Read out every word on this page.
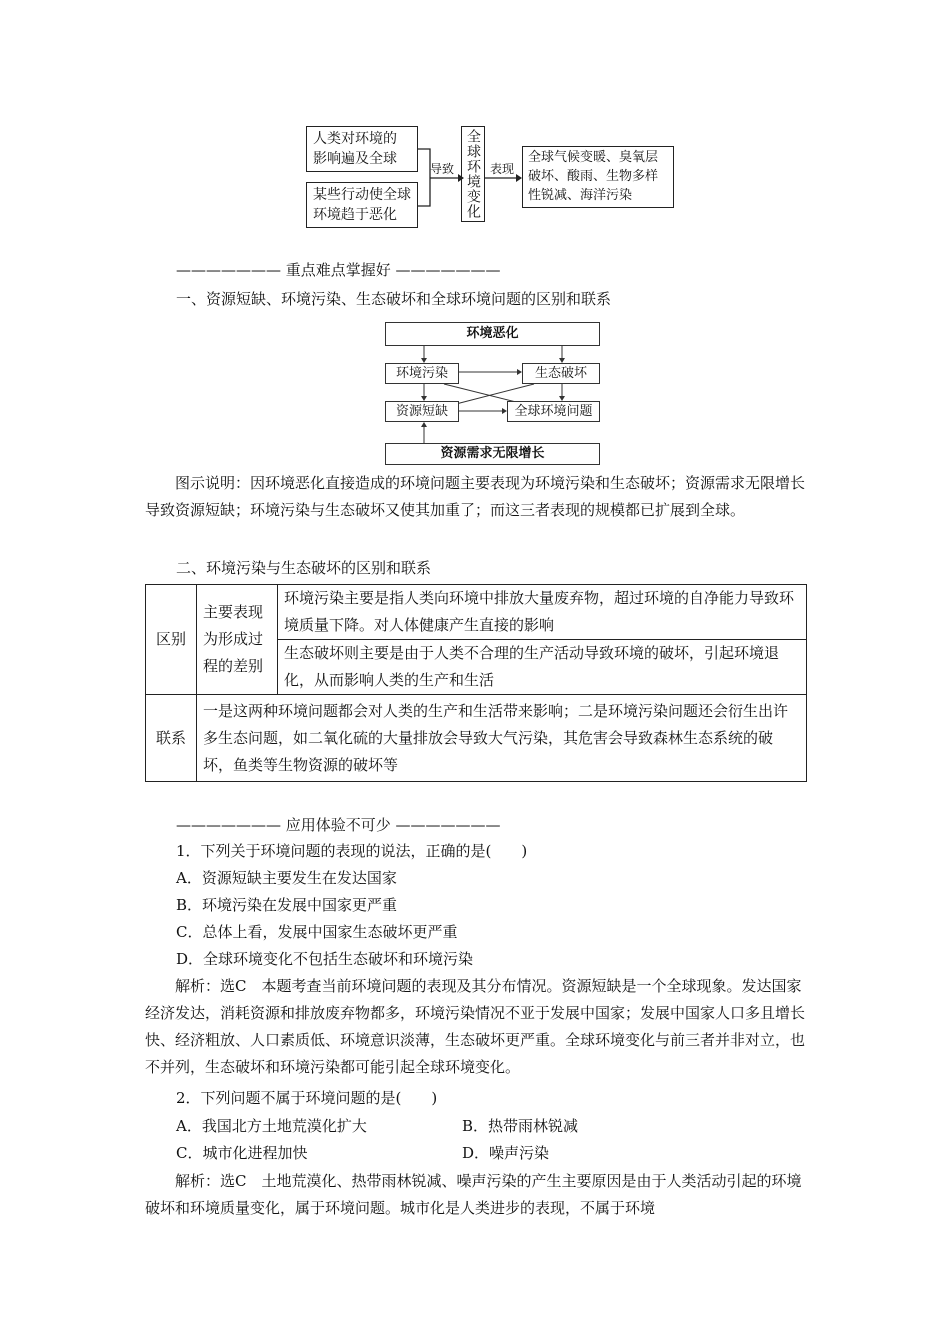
人类对环境的
影响遍及全球
某些行动使全球
环境趋于恶化
导致 全球环境变化 表现
全球气候变暖、臭氧层
破坏、酸雨、生物多样
性锐减、海洋污染
——————— 重点难点掌握好 ———————
一、资源短缺、环境污染、生态破坏和全球环境问题的区别和联系
环境恶化
环境污染	生态破坏
资源短缺	全球环境问题
资源需求无限增长
图示说明：因环境恶化直接造成的环境问题主要表现为环境污染和生态破坏；资源需求无限增长导致资源短缺；环境污染与生态破坏又使其加重了；而这三者表现的规模都已扩展到全球。
二、环境污染与生态破坏的区别和联系
区别	主要表现为形成过程的差别	环境污染主要是指人类向环境中排放大量废弃物，超过环境的自净能力导致环境质量下降。对人体健康产生直接的影响
		生态破坏则主要是由于人类不合理的生产活动导致环境的破坏，引起环境退化，从而影响人类的生产和生活
联系	一是这两种环境问题都会对人类的生产和生活带来影响；二是环境污染问题还会衍生出许多生态问题，如二氧化硫的大量排放会导致大气污染，其危害会导致森林生态系统的破坏，鱼类等生物资源的破坏等	
——————— 应用体验不可少 ———————
1．下列关于环境问题的表现的说法，正确的是(　　)
A．资源短缺主要发生在发达国家
B．环境污染在发展中国家更严重
C．总体上看，发展中国家生态破坏更严重
D．全球环境变化不包括生态破坏和环境污染
解析：选C　本题考查当前环境问题的表现及其分布情况。资源短缺是一个全球现象。发达国家经济发达，消耗资源和排放废弃物都多，环境污染情况不亚于发展中国家；发展中国家人口多且增长快、经济粗放、人口素质低、环境意识淡薄，生态破坏更严重。全球环境变化与前三者并非对立，也不并列，生态破坏和环境污染都可能引起全球环境变化。
2．下列问题不属于环境问题的是(　　)
A．我国北方土地荒漠化扩大	B．热带雨林锐减
C．城市化进程加快	D．噪声污染
解析：选C　土地荒漠化、热带雨林锐减、噪声污染的产生主要原因是由于人类活动引起的环境破坏和环境质量变化，属于环境问题。城市化是人类进步的表现，不属于环境
